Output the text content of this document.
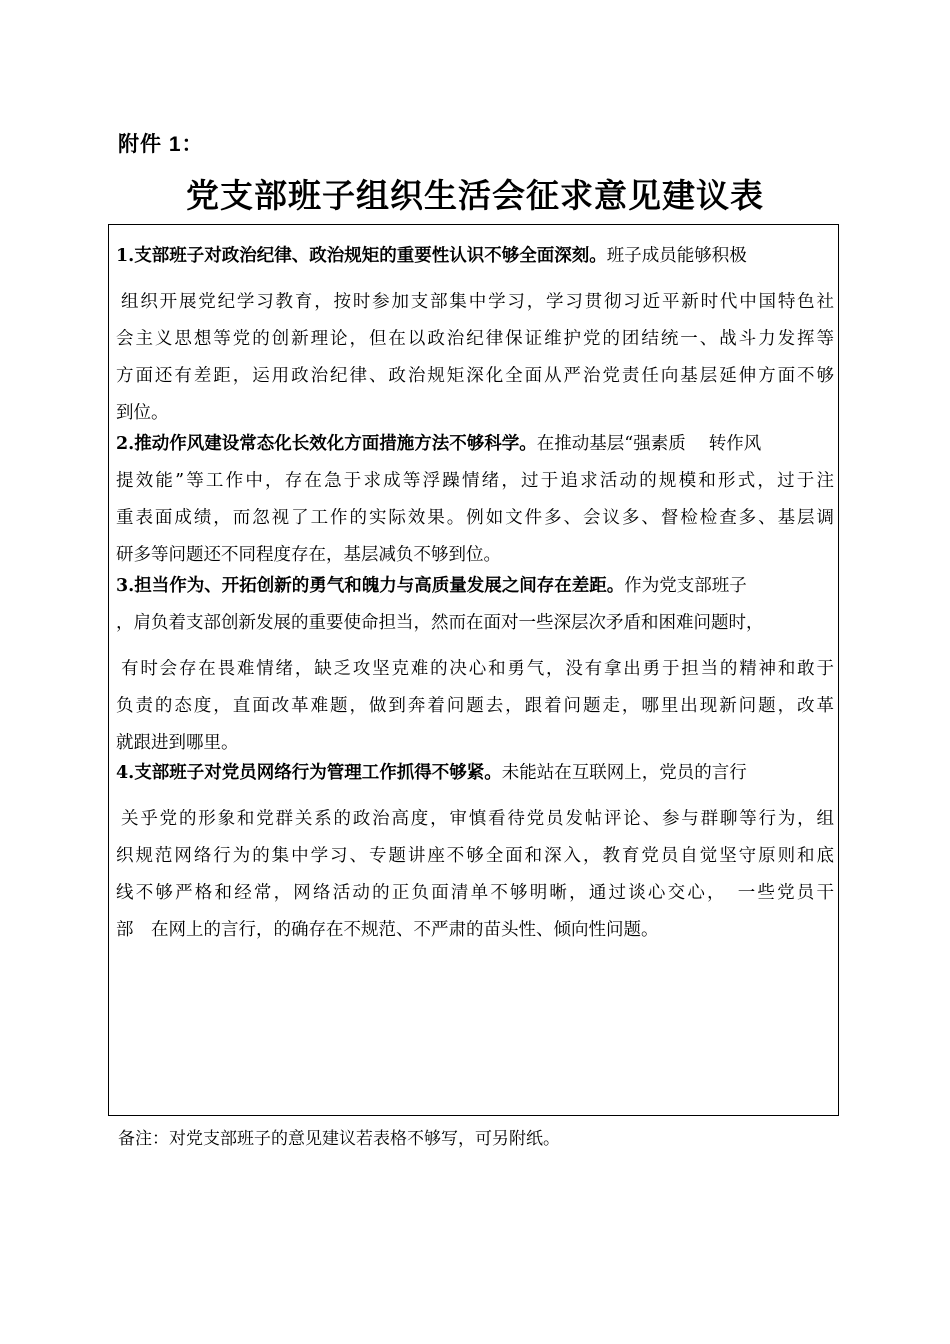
附件 1：
党支部班子组织生活会征求意见建议表
1.支部班子对政治纪律、政治规矩的重要性认识不够全面深刻。班子成员能够积极
组织开展党纪学习教育，按时参加支部集中学习，学习贯彻习近平新时代中国特色社
会主义思想等党的创新理论，但在以政治纪律保证维护党的团结统一、战斗力发挥等
方面还有差距，运用政治纪律、政治规矩深化全面从严治党责任向基层延伸方面不够
到位。
2.推动作风建设常态化长效化方面措施方法不够科学。在推动基层“强素质　 转作风
提效能”等工作中，存在急于求成等浮躁情绪，过于追求活动的规模和形式，过于注
重表面成绩，而忽视了工作的实际效果。例如文件多、会议多、督检检查多、基层调
研多等问题还不同程度存在，基层减负不够到位。
3.担当作为、开拓创新的勇气和魄力与高质量发展之间存在差距。作为党支部班子
，肩负着支部创新发展的重要使命担当，然而在面对一些深层次矛盾和困难问题时，
有时会存在畏难情绪，缺乏攻坚克难的决心和勇气，没有拿出勇于担当的精神和敢于
负责的态度，直面改革难题，做到奔着问题去，跟着问题走，哪里出现新问题，改革
就跟进到哪里。
4.支部班子对党员网络行为管理工作抓得不够紧。未能站在互联网上，党员的言行
关乎党的形象和党群关系的政治高度，审慎看待党员发帖评论、参与群聊等行为，组
织规范网络行为的集中学习、专题讲座不够全面和深入，教育党员自觉坚守原则和底
线不够严格和经常，网络活动的正负面清单不够明晰，通过谈心交心，　一些党员干
部　在网上的言行，的确存在不规范、不严肃的苗头性、倾向性问题。
备注：对党支部班子的意见建议若表格不够写，可另附纸。
